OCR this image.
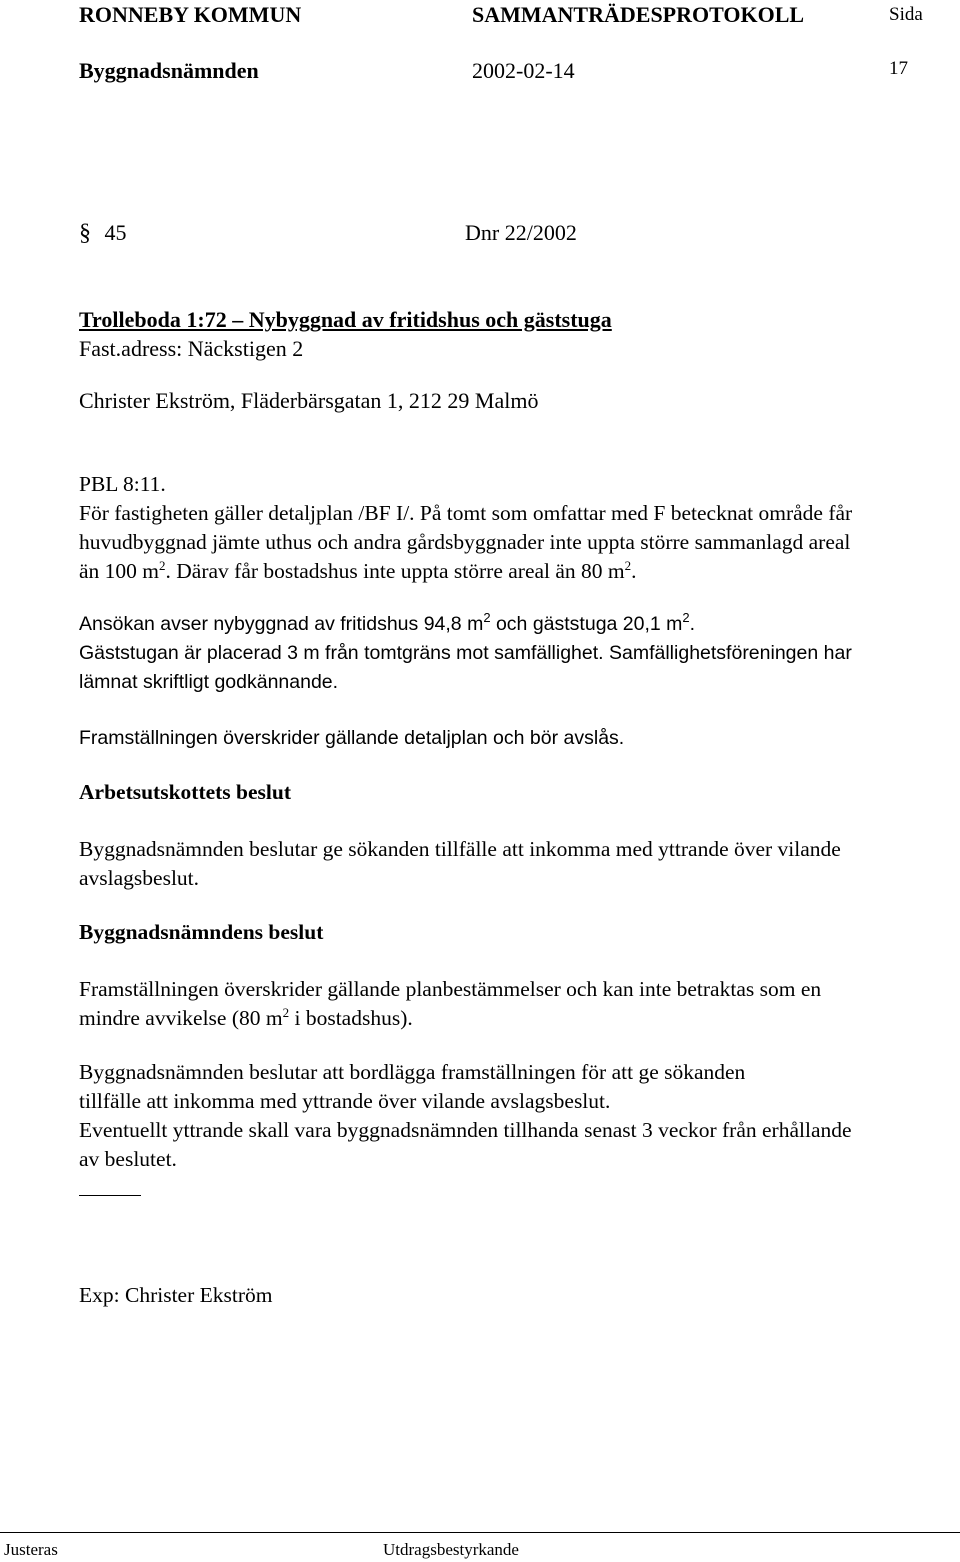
RONNEBY KOMMUN	SAMMANTRÄDESPROTOKOLL	Sida
Byggnadsnämnden	2002-02-14	17
§ 45	Dnr 22/2002
Trolleboda 1:72 – Nybyggnad av fritidshus och gäststuga
Fast.adress: Näckstigen 2
Christer Ekström, Fläderbärsgatan 1, 212 29 Malmö
PBL 8:11.
För fastigheten gäller detaljplan /BF I/. På tomt som omfattar med F betecknat område får
huvudbyggnad jämte uthus och andra gårdsbyggnader inte uppta större sammanlagd areal
än 100 $m^2$. Därav får bostadshus inte uppta större areal än 80 $m^2$.
Ansökan avser nybyggnad av fritidshus 94,8 $m^2$ och gäststuga 20,1 $m^2$.
Gäststugan är placerad 3 m från tomtgräns mot samfällighet. Samfällighetsföreningen har
lämnat skriftligt godkännande.
Framställningen överskrider gällande detaljplan och bör avslås.
Arbetsutskottets beslut
Byggnadsnämnden beslutar ge sökanden tillfälle att inkomma med yttrande över vilande
avslagsbeslut.
Byggnadsnämndens beslut
Framställningen överskrider gällande planbestämmelser och kan inte betraktas som en
mindre avvikelse (80 $m^2$ i bostadshus).
Byggnadsnämnden beslutar att bordlägga framställningen för att ge sökanden
tillfälle att inkomma med yttrande över vilande avslagsbeslut.
Eventuellt yttrande skall vara byggnadsnämnden tillhanda senast 3 veckor från erhållande
av beslutet.
Exp: Christer Ekström
Justeras	Utdragsbestyrkande
